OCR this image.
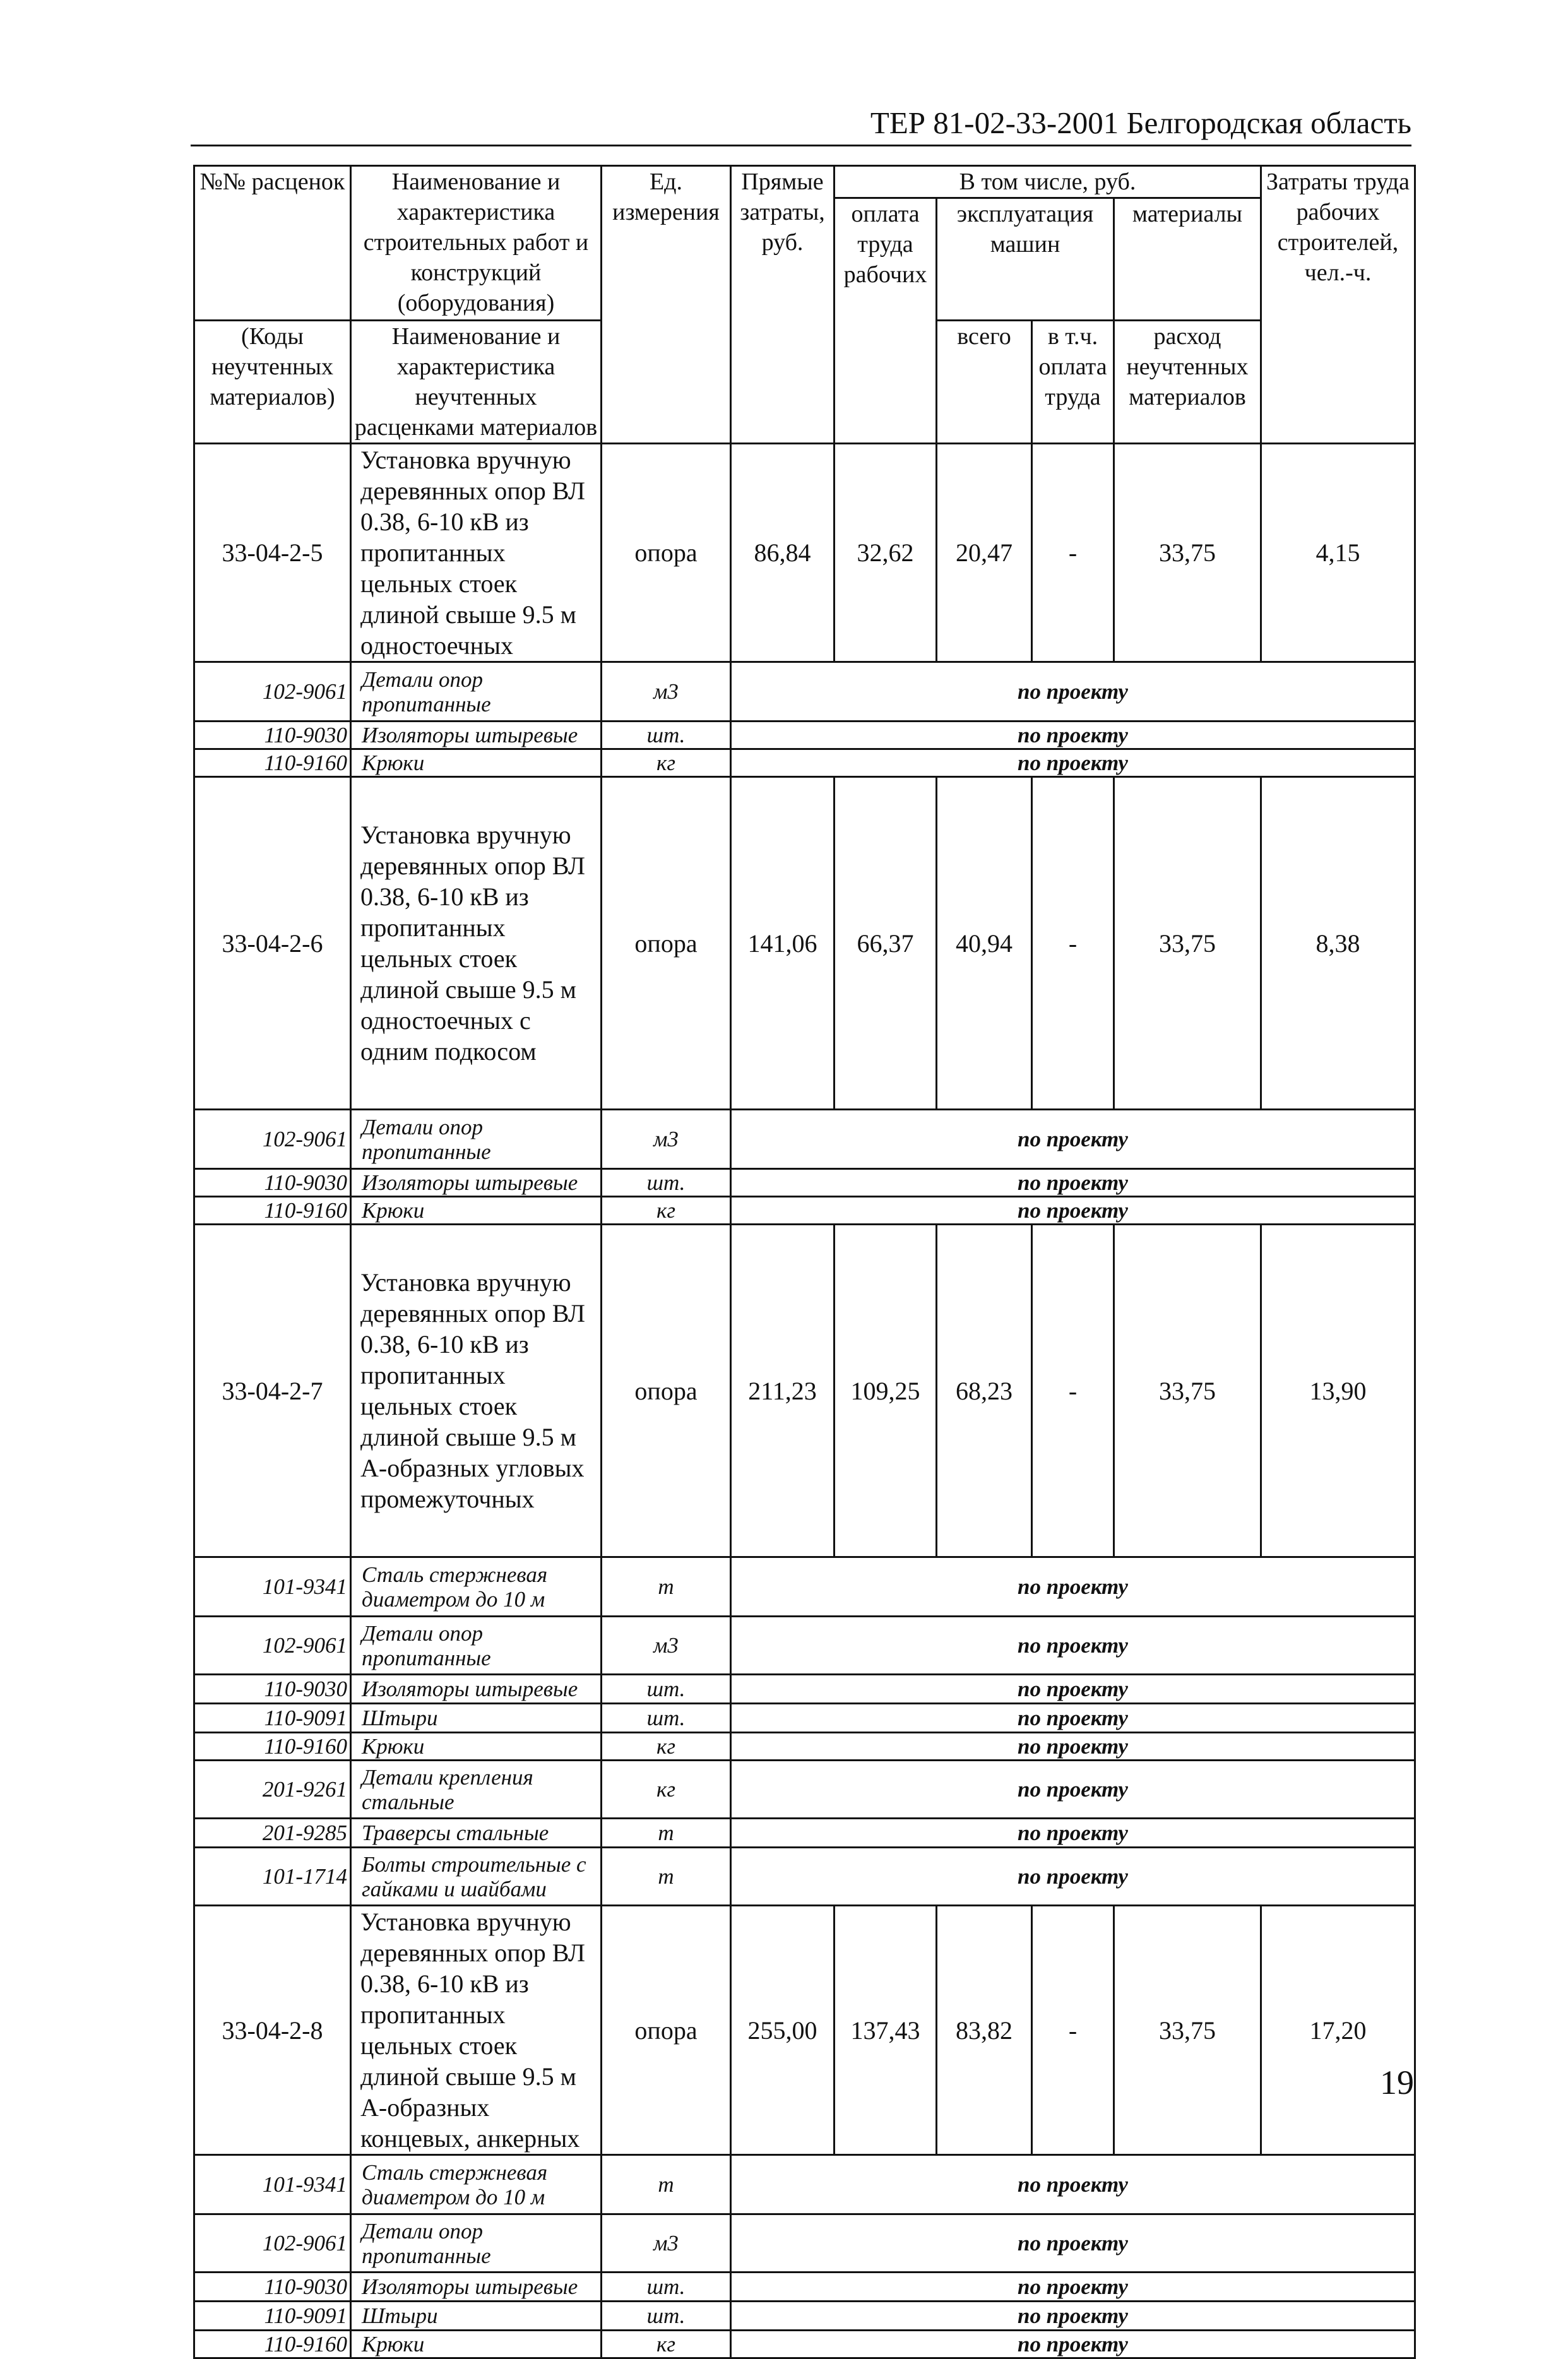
ТЕР 81-02-33-2001 Белгородская область
№№ расценок	Наименование и характеристика строительных работ и конструкций (оборудования)	Ед. измерения	Прямые затраты, руб.	В том числе, руб.				Затраты труда рабочих строителей, чел.-ч.
				оплата труда рабочих	эксплуатация машин		материалы	
(Коды неучтенных материалов)	Наименование и характеристика неучтенных расценками материалов				всего	в т.ч. оплата труда	расход неучтенных материалов	

33-04-2-5	Установка вручную деревянных опор ВЛ 0.38, 6-10 кВ из пропитанных цельных стоек длиной свыше 9.5 м одностоечных	опора	86,84	32,62	20,47	-	33,75	4,15
102-9061	Детали опор пропитанные	м3	по проекту					
110-9030	Изоляторы штыревые	шт.	по проекту					
110-9160	Крюки	кг	по проекту					
33-04-2-6	Установка вручную деревянных опор ВЛ 0.38, 6-10 кВ из пропитанных цельных стоек длиной свыше 9.5 м одностоечных с одним подкосом	опора	141,06	66,37	40,94	-	33,75	8,38
102-9061	Детали опор пропитанные	м3	по проекту					
110-9030	Изоляторы штыревые	шт.	по проекту					
110-9160	Крюки	кг	по проекту					
33-04-2-7	Установка вручную деревянных опор ВЛ 0.38, 6-10 кВ из пропитанных цельных стоек длиной свыше 9.5 м А-образных угловых промежуточных	опора	211,23	109,25	68,23	-	33,75	13,90
101-9341	Сталь стержневая диаметром до 10 м	т	по проекту					
102-9061	Детали опор пропитанные	м3	по проекту					
110-9030	Изоляторы штыревые	шт.	по проекту					
110-9091	Штыри	шт.	по проекту					
110-9160	Крюки	кг	по проекту					
201-9261	Детали крепления стальные	кг	по проекту					
201-9285	Траверсы стальные	т	по проекту					
101-1714	Болты строительные с гайками и шайбами	т	по проекту					
33-04-2-8	Установка вручную деревянных опор ВЛ 0.38, 6-10 кВ из пропитанных цельных стоек длиной свыше 9.5 м А-образных концевых, анкерных	опора	255,00	137,43	83,82	-	33,75	17,20
101-9341	Сталь стержневая диаметром до 10 м	т	по проекту					
102-9061	Детали опор пропитанные	м3	по проекту					
110-9030	Изоляторы штыревые	шт.	по проекту					
110-9091	Штыри	шт.	по проекту					
110-9160	Крюки	кг	по проекту					
19
